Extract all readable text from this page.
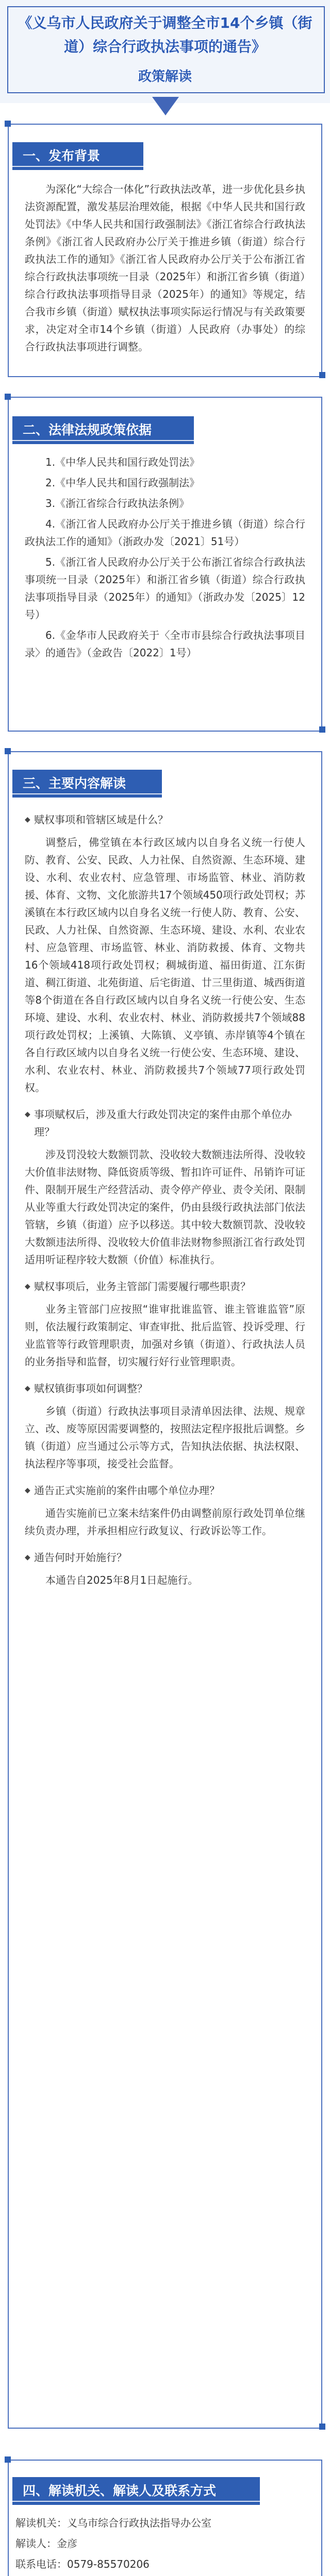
《义乌市人民政府关于调整全市14个乡镇（街道）综合行政执法事项的通告》
政策解读
一、发布背景

为深化“大综合一体化”行政执法改革，进一步优化县乡执法资源配置，激发基层治理效能，根据《中华人民共和国行政处罚法》《中华人民共和国行政强制法》《浙江省综合行政执法条例》《浙江省人民政府办公厅关于推进乡镇（街道）综合行政执法工作的通知》《浙江省人民政府办公厅关于公布浙江省综合行政执法事项统一目录（2025年）和浙江省乡镇（街道）综合行政执法事项指导目录（2025年）的通知》等规定，结合我市乡镇（街道）赋权执法事项实际运行情况与有关政策要求，决定对全市14个乡镇（街道）人民政府（办事处）的综合行政执法事项进行调整。

二、法律法规政策依据
1.《中华人民共和国行政处罚法》
2.《中华人民共和国行政强制法》
3.《浙江省综合行政执法条例》
4.《浙江省人民政府办公厅关于推进乡镇（街道）综合行政执法工作的通知》（浙政办发〔2021〕51号）
5.《浙江省人民政府办公厅关于公布浙江省综合行政执法事项统一目录（2025年）和浙江省乡镇（街道）综合行政执法事项指导目录（2025年）的通知》（浙政办发〔2025〕12号）
6.《金华市人民政府关于〈全市市县综合行政执法事项目录〉的通告》（金政告〔2022〕1号）
三、主要内容解读
◆ 赋权事项和管辖区域是什么？

调整后，佛堂镇在本行政区域内以自身名义统一行使人防、教育、公安、民政、人力社保、自然资源、生态环境、建设、水利、农业农村、应急管理、市场监管、林业、消防救援、体育、文物、文化旅游共17个领域450项行政处罚权；苏溪镇在本行政区域内以自身名义统一行使人防、教育、公安、民政、人力社保、自然资源、生态环境、建设、水利、农业农村、应急管理、市场监管、林业、消防救援、体育、文物共16个领域418项行政处罚权；稠城街道、福田街道、江东街道、稠江街道、北苑街道、后宅街道、廿三里街道、城西街道等8个街道在各自行政区域内以自身名义统一行使公安、生态环境、建设、水利、农业农村、林业、消防救援共7个领域88项行政处罚权；上溪镇、大陈镇、义亭镇、赤岸镇等4个镇在各自行政区域内以自身名义统一行使公安、生态环境、建设、水利、农业农村、林业、消防救援共7个领域77项行政处罚权。

◆ 事项赋权后，涉及重大行政处罚决定的案件由那个单位办理？

涉及罚没较大数额罚款、没收较大数额违法所得、没收较大价值非法财物、降低资质等级、暂扣许可证件、吊销许可证件、限制开展生产经营活动、责令停产停业、责令关闭、限制从业等重大行政处罚决定的案件，仍由县级行政执法部门依法管辖，乡镇（街道）应予以移送。其中较大数额罚款、没收较大数额违法所得、没收较大价值非法财物参照浙江省行政处罚适用听证程序较大数额（价值）标准执行。

◆ 赋权事项后，业务主管部门需要履行哪些职责？

业务主管部门应按照“谁审批谁监管、谁主管谁监管”原则，依法履行政策制定、审查审批、批后监管、投诉受理、行业监管等行政管理职责，加强对乡镇（街道）、行政执法人员的业务指导和监督，切实履行好行业管理职责。

◆ 赋权镇街事项如何调整？

乡镇（街道）行政执法事项目录清单因法律、法规、规章立、改、废等原因需要调整的，按照法定程序报批后调整。乡镇（街道）应当通过公示等方式，告知执法依据、执法权限、执法程序等事项，接受社会监督。

◆ 通告正式实施前的案件由哪个单位办理？

通告实施前已立案未结案件仍由调整前原行政处罚单位继续负责办理，并承担相应行政复议、行政诉讼等工作。

◆ 通告何时开始施行？

本通告自2025年8月1日起施行。

四、解读机关、解读人及联系方式
解读机关：义乌市综合行政执法指导办公室
解读人：金彦
联系电话：0579-85570206
